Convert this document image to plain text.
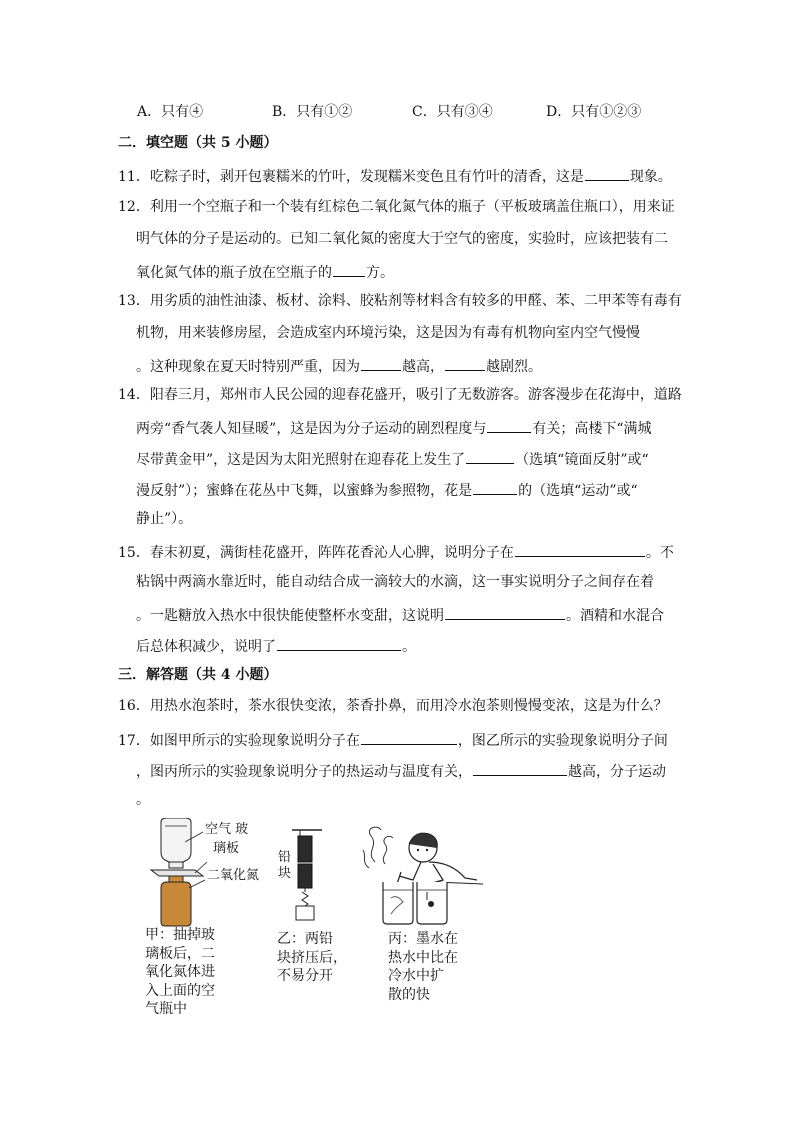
A．只有④	B．只有①②	C．只有③④	D．只有①②③
二．填空题（共 5 小题）
11．吃粽子时，剥开包裹糯米的竹叶，发现糯米变色且有竹叶的清香，这是	现象。
12．利用一个空瓶子和一个装有红棕色二氧化氮气体的瓶子（平板玻璃盖住瓶口），用来证
明气体的分子是运动的。已知二氧化氮的密度大于空气的密度，实验时，应该把装有二
氧化氮气体的瓶子放在空瓶子的 方。
13．用劣质的油性油漆、板材、涂料、胶粘剂等材料含有较多的甲醛、苯、二甲苯等有毒有
机物，用来装修房屋，会造成室内环境污染，这是因为有毒有机物向室内空气慢慢
。这种现象在夏天时特别严重，因为	越高，	越剧烈。
14．阳春三月，郑州市人民公园的迎春花盛开，吸引了无数游客。游客漫步在花海中，道路
两旁“香气袭人知昼暖”，这是因为分子运动的剧烈程度与	有关；高楼下“满城
尽带黄金甲”，这是因为太阳光照射在迎春花上发生了	（选填“镜面反射”或“
漫反射”）；蜜蜂在花丛中飞舞，以蜜蜂为参照物，花是	的（选填“运动”或“
静止”）。
15．春末初夏，满街桂花盛开，阵阵花香沁人心脾，说明分子在	。不
粘锅中两滴水靠近时，能自动结合成一滴较大的水滴，这一事实说明分子之间存在着
。一匙糖放入热水中很快能使整杯水变甜，这说明	。酒精和水混合
后总体积减少，说明了	。
三．解答题（共 4 小题）
16．用热水泡茶时，茶水很快变浓，茶香扑鼻，而用冷水泡茶则慢慢变浓，这是为什么？
17．如图甲所示的实验现象说明分子在	，图乙所示的实验现象说明分子间
，图丙所示的实验现象说明分子的热运动与温度有关，	越高，分子运动
。
空气 玻
璃板
二氧化氮
甲：抽掉玻
璃板后，二
氧化氮体进
入上面的空
气瓶中
铅
块
乙：两铅
块挤压后，
不易分开
丙：墨水在
热水中比在
冷水中扩
散的快
